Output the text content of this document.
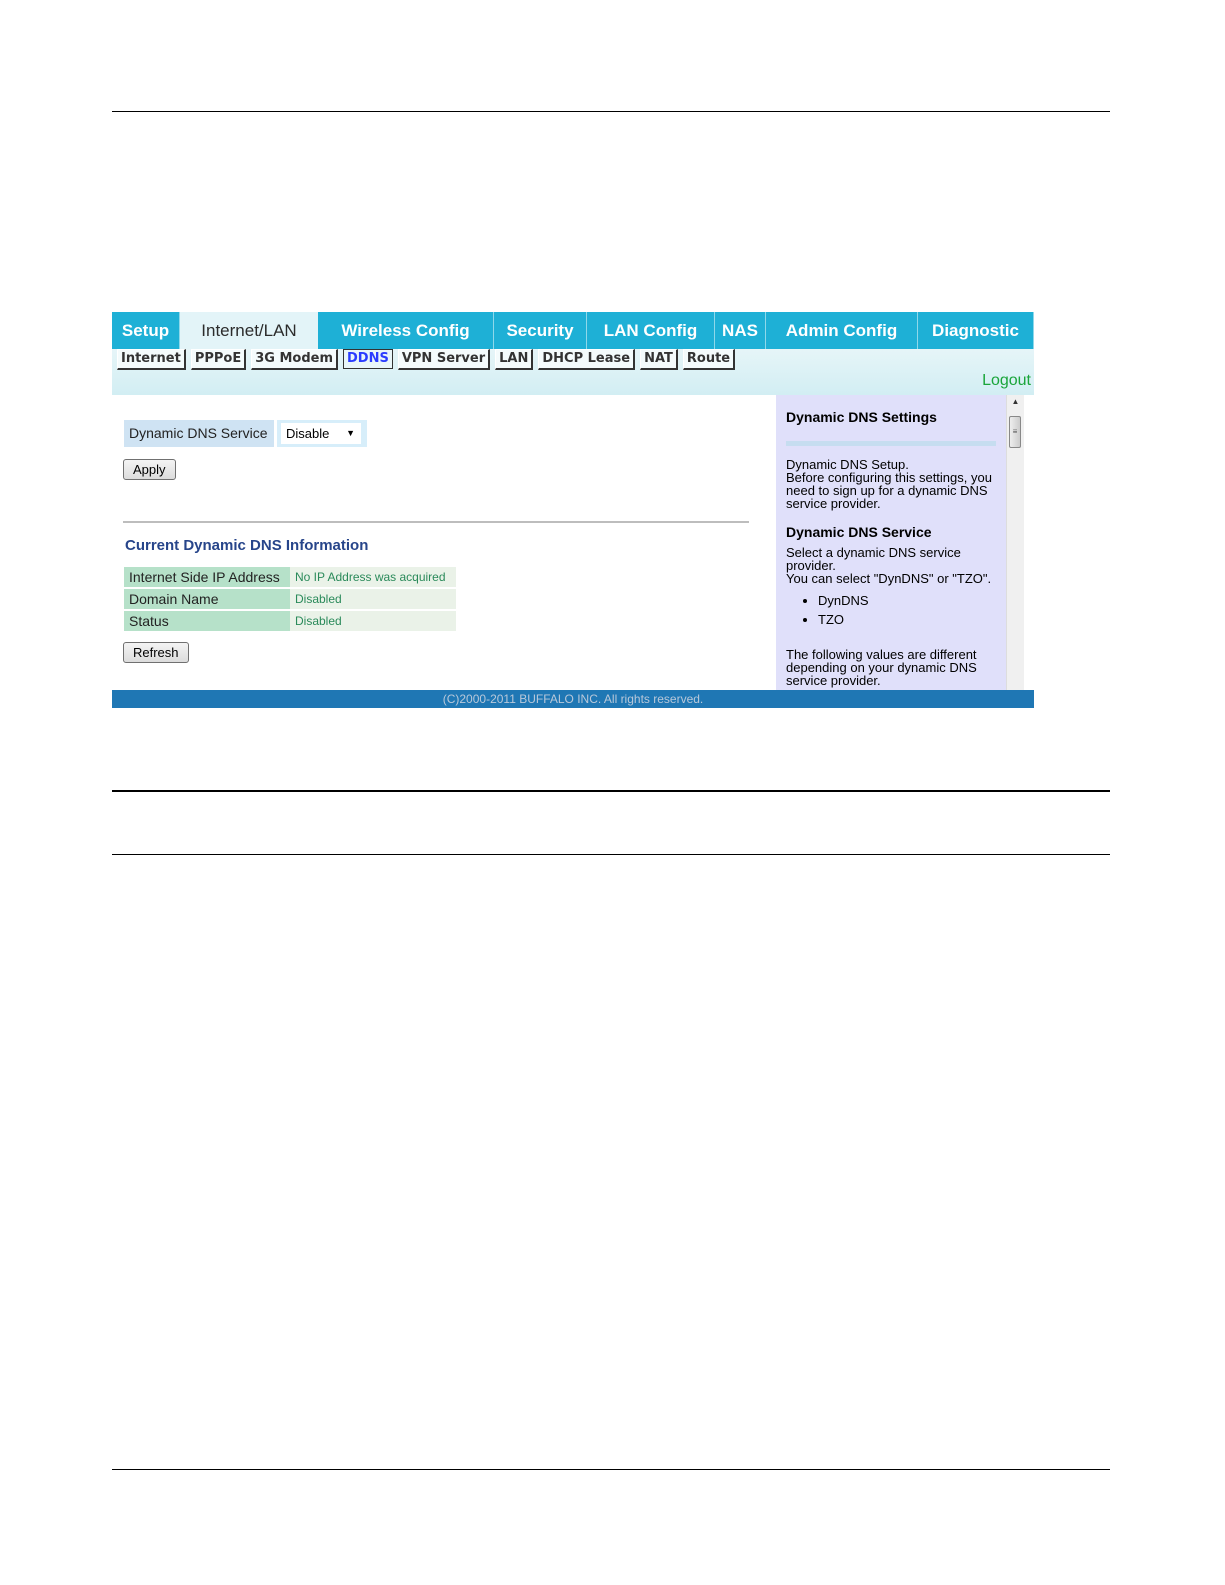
Setup	Internet/LAN	Wireless Config	Security	LAN Config	NAS	Admin Config	Diagnostic
Internet	PPPoE	3G Modem	DDNS	VPN Server	LAN	DHCP Lease	NAT	Route
Logout
Dynamic DNS Service	Disable ▼
Apply
Current Dynamic DNS Information
Internet Side IP Address	No IP Address was acquired
Domain Name	Disabled
Status	Disabled
Refresh
Dynamic DNS Settings

Dynamic DNS Setup.

Before configuring this settings, you need to sign up for a dynamic DNS service provider.

Dynamic DNS Service

Select a dynamic DNS service provider.

You can select "DynDNS" or "TZO".

• DynDNS
• TZO

The following values are different depending on your dynamic DNS service provider.

▲
≡
(C)2000-2011 BUFFALO INC. All rights reserved.
